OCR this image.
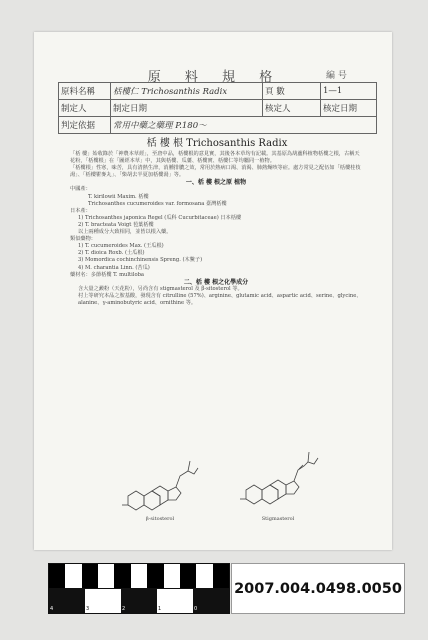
原 料 規 格	編 号
原料名稱	栝樓仁 Trichosanthis Radix	頁 數	1—1
制定人	制定日期	核定人	核定日期
判定依据	常用中藥之藥理 P.180～		
栝 樓 根 Trichosanthis Radix

「栝 樓」始收錄於「神農本草經」，至唐中品，栝樓根的意見實，其後各本草均有記載。其基原為葫蘆科植物栝樓之根，古稱天花粉，「栝樓根」在「圖經本草」中，其與栝樓、瓜蔞、栝樓實、栝樓仁等均屬同一植物。

「栝樓根」性寒，味苦，具有清熱生津，消腫排膿之效，常用於熱病口渴、消渴、肺熱燥咳等症。處方常見之配伍如「栝樓桂枝湯」、「栝樓瞿麥丸」、「柴胡去半夏加栝樓湯」等。

一、栝 樓 根之原 植物

中國產：

T. kirilowii Maxim. 栝樓

Trichosanthes cucumeroides var. formosana 臺灣栝樓

日本產：

1) Trichosanthes japonica Regel (瓜科 Cucurbitaceae) 日本栝樓

2) T. bracteata Voigt 苞葉栝樓

以上兩種成分大致相同，並皆以根入藥。

類似藥物：

1) T. cucumeroides Max. (王瓜根)

2) T. dioica Roxb. (土瓜根)

3) Momordica cochinchinensis Spreng. (木鱉子)

4) M. charantia Linn. (苦瓜)

藥材名：多節栝樓 T. multiloba

二、栝 樓 根之化學成分

含大量之澱粉（天花粉），另尚含有 stigmasterol 及 β-sitosterol 等。

村上等研究本品之胺基酸，發現含有 citrulline (57%)、arginine、glutamic acid、aspartic acid、serine、glycine、alanine、γ-aminobutyric acid、ornithine 等。

β-sitosterol	Stigmasterol
4	3	2	1	0
2007.004.0498.0050
